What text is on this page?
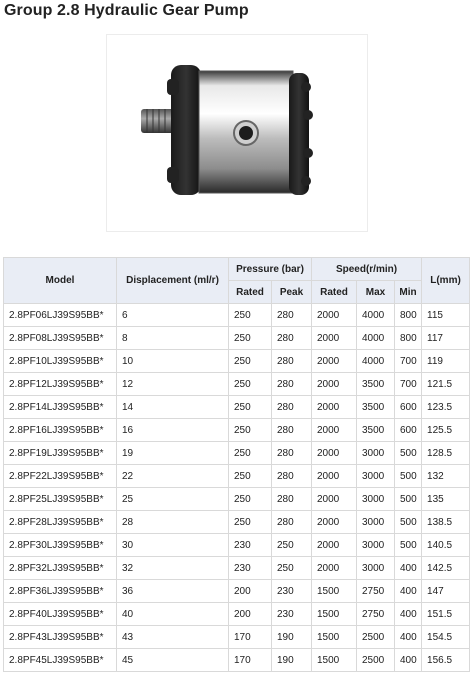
Group 2.8 Hydraulic Gear Pump
Model	Displacement (ml/r)	Pressure (bar)		Speed(r/min)			L(mm)
		Rated	Peak	Rated	Max	Min	
2.8PF06LJ39S95BB*	6	250	280	2000	4000	800	115
2.8PF08LJ39S95BB*	8	250	280	2000	4000	800	117
2.8PF10LJ39S95BB*	10	250	280	2000	4000	700	119
2.8PF12LJ39S95BB*	12	250	280	2000	3500	700	121.5
2.8PF14LJ39S95BB*	14	250	280	2000	3500	600	123.5
2.8PF16LJ39S95BB*	16	250	280	2000	3500	600	125.5
2.8PF19LJ39S95BB*	19	250	280	2000	3000	500	128.5
2.8PF22LJ39S95BB*	22	250	280	2000	3000	500	132
2.8PF25LJ39S95BB*	25	250	280	2000	3000	500	135
2.8PF28LJ39S95BB*	28	250	280	2000	3000	500	138.5
2.8PF30LJ39S95BB*	30	230	250	2000	3000	500	140.5
2.8PF32LJ39S95BB*	32	230	250	2000	3000	400	142.5
2.8PF36LJ39S95BB*	36	200	230	1500	2750	400	147
2.8PF40LJ39S95BB*	40	200	230	1500	2750	400	151.5
2.8PF43LJ39S95BB*	43	170	190	1500	2500	400	154.5
2.8PF45LJ39S95BB*	45	170	190	1500	2500	400	156.5
